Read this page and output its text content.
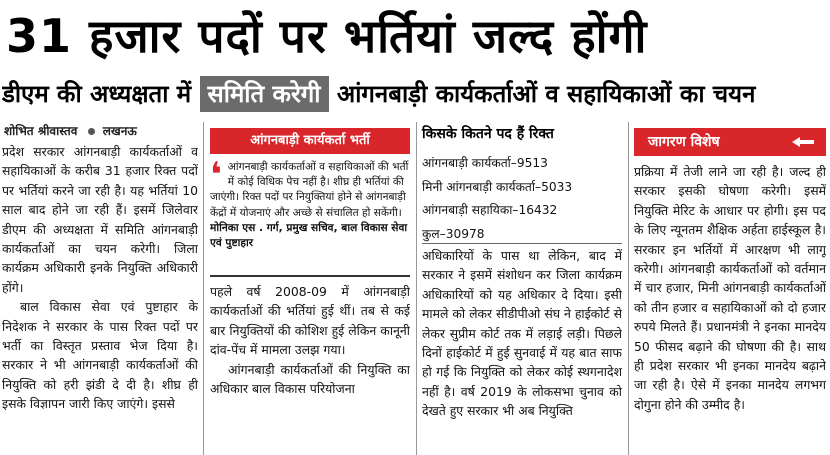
31 हजार पदों पर भर्तियां जल्द होंगी
डीएम की अध्यक्षता में समिति करेगी आंगनबाड़ी कार्यकर्ताओं व सहायिकाओं का चयन
शोभित श्रीवास्तव लखनऊ

प्रदेश सरकार आंगनबाड़ी कार्यकर्ताओं व सहायिकाओं के करीब 31 हजार रिक्त पदों पर भर्तियां करने जा रही है। यह भर्तियां 10 साल बाद होने जा रही हैं। इसमें जिलेवार डीएम की अध्यक्षता में समिति आंगनबाड़ी कार्यकर्ताओं का चयन करेगी। जिला कार्यक्रम अधिकारी इनके नियुक्ति अधिकारी होंगे।

बाल विकास सेवा एवं पुष्टाहार के निदेशक ने सरकार के पास रिक्त पदों पर भर्ती का विस्तृत प्रस्ताव भेज दिया है। सरकार ने भी आंगनबाड़ी कार्यकर्ताओं की नियुक्ति को हरी झंडी दे दी है। शीघ्र ही इसके विज्ञापन जारी किए जाएंगे। इससे

आंगनबाड़ी कार्यकर्ता भर्ती
❛ आंगनबाड़ी कार्यकर्ताओं व सहायिकाओं की भर्ती में कोई विधिक पेच नहीं है। शीघ्र ही भर्तियां की जाएंगी। रिक्त पदों पर नियुक्तियां होने से आंगनबाड़ी केंद्रों में योजनाएं और अच्छे से संचालित हो सकेंगी।
मोनिका एस . गर्ग, प्रमुख सचिव, बाल विकास सेवा एवं पुष्टाहार

पहले वर्ष 2008-09 में आंगनबाड़ी कार्यकर्ताओं की भर्तियां हुई थीं। तब से कई बार नियुक्तियों की कोशिश हुई लेकिन कानूनी दांव-पेंच में मामला उलझ गया।

आंगनबाड़ी कार्यकर्ताओं की नियुक्ति का अधिकार बाल विकास परियोजना

किसके कितने पद हैं रिक्त
आंगनबाड़ी कार्यकर्ता–9513
मिनी आंगनबाड़ी कार्यकर्ता–5033
आंगनबाड़ी सहायिका–16432
कुल–30978

अधिकारियों के पास था लेकिन, बाद में सरकार ने इसमें संशोधन कर जिला कार्यक्रम अधिकारियों को यह अधिकार दे दिया। इसी मामले को लेकर सीडीपीओ संघ ने हाईकोर्ट से लेकर सुप्रीम कोर्ट तक में लड़ाई लड़ी। पिछले दिनों हाईकोर्ट में हुई सुनवाई में यह बात साफ हो गई कि नियुक्ति को लेकर कोई स्थगनादेश नहीं है। वर्ष 2019 के लोकसभा चुनाव को देखते हुए सरकार भी अब नियुक्ति

जागरण विशेष

प्रक्रिया में तेजी लाने जा रही है। जल्द ही सरकार इसकी घोषणा करेगी। इसमें नियुक्ति मेरिट के आधार पर होगी। इस पद के लिए न्यूनतम शैक्षिक अर्हता हाईस्कूल है। सरकार इन भर्तियों में आरक्षण भी लागू करेगी। आंगनबाड़ी कार्यकर्ताओं को वर्तमान में चार हजार, मिनी आंगनबाड़ी कार्यकर्ताओं को तीन हजार व सहायिकाओं को दो हजार रुपये मिलते हैं। प्रधानमंत्री ने इनका मानदेय 50 फीसद बढ़ाने की घोषणा की है। साथ ही प्रदेश सरकार भी इनका मानदेय बढ़ाने जा रही है। ऐसे में इनका मानदेय लगभग दोगुना होने की उम्मीद है।
